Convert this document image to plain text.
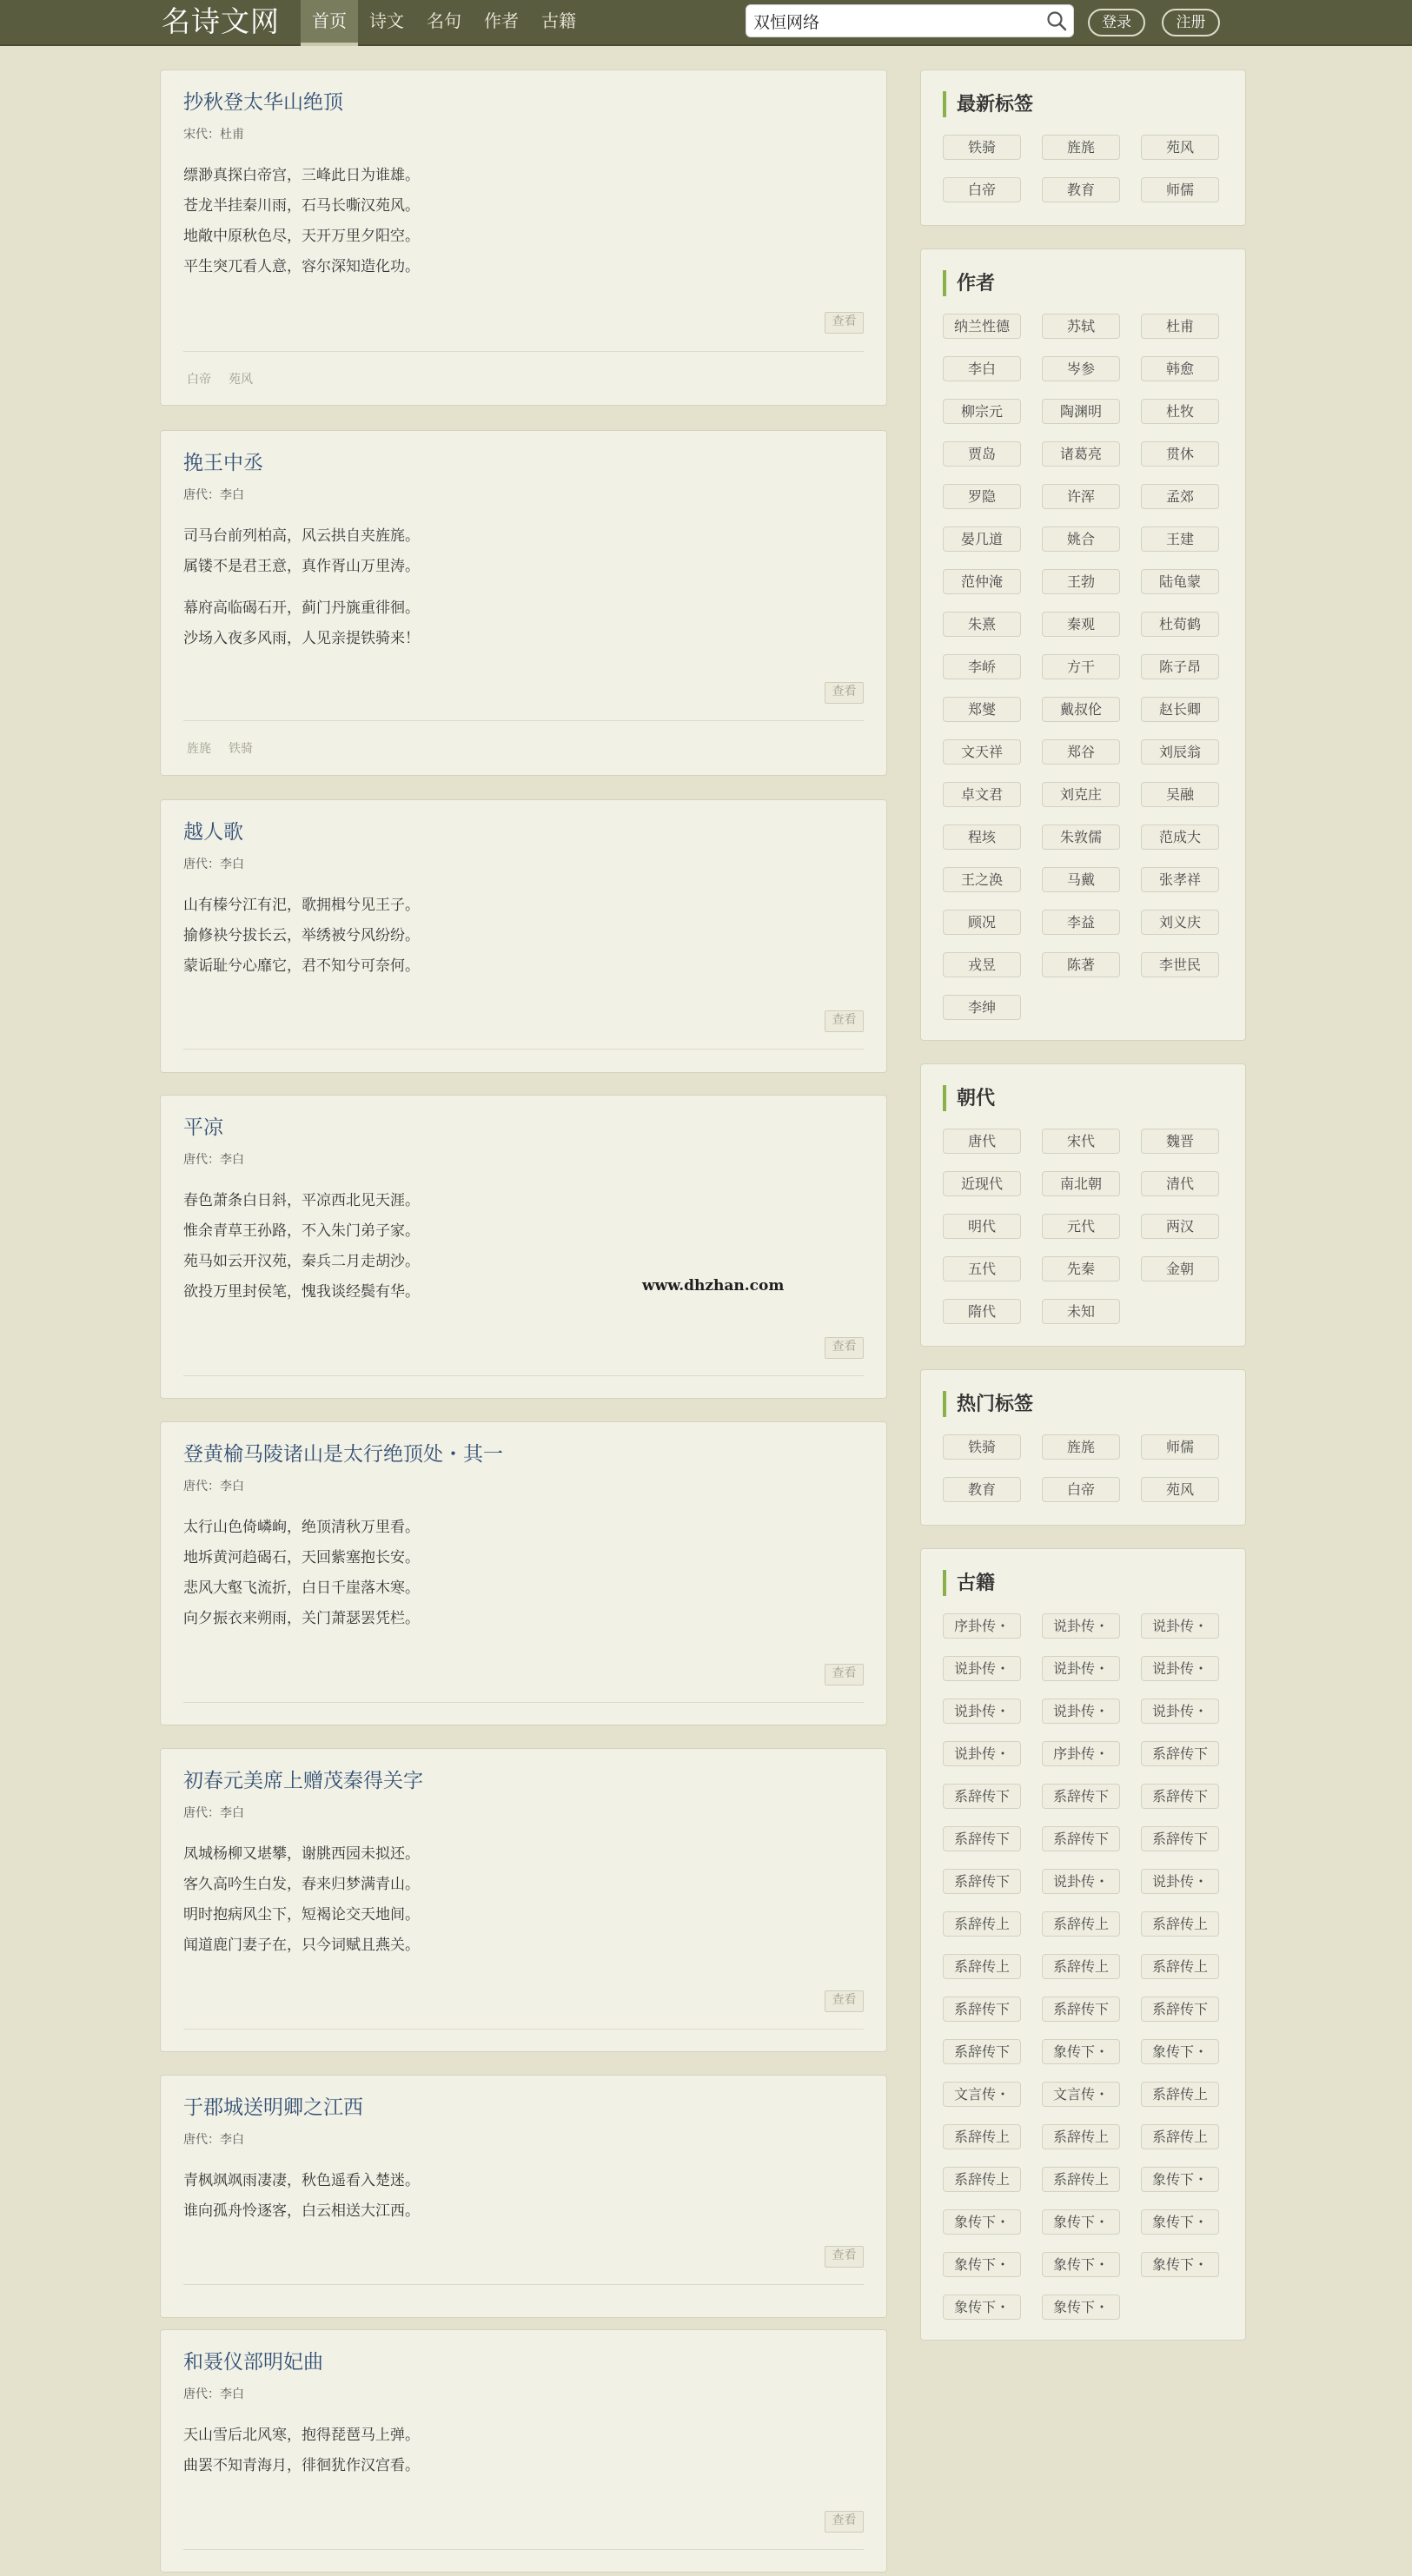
名诗文网	首页	诗文	名句	作者	古籍
双恒网络	登录	注册
抄秋登太华山绝顶
宋代：杜甫
缥渺真探白帝宫，三峰此日为谁雄。
苍龙半挂秦川雨，石马长嘶汉苑风。
地敞中原秋色尽，天开万里夕阳空。
平生突兀看人意，容尔深知造化功。
查看
白帝 苑风
挽王中丞
唐代：李白
司马台前列柏高，风云拱自夹旌旄。
属镂不是君王意，真作胥山万里涛。
幕府高临碣石开，蓟门丹旐重徘徊。
沙场入夜多风雨，人见亲提铁骑来！
查看
旌旄 铁骑
越人歌
唐代：李白
山有榛兮江有汜，歌拥楫兮见王子。
揄修袂兮拔长云，举绣被兮风纷纷。
蒙诟耻兮心靡它，君不知兮可奈何。
查看
平凉
唐代：李白
春色萧条白日斜，平凉西北见天涯。
惟余青草王孙路，不入朱门弟子家。
苑马如云开汉苑，秦兵二月走胡沙。
欲投万里封侯笔，愧我谈经鬓有华。
查看
登黄榆马陵诸山是太行绝顶处・其一
唐代：李白
太行山色倚嶙峋，绝顶清秋万里看。
地坼黄河趋碣石，天回紫塞抱长安。
悲风大壑飞流折，白日千崖落木寒。
向夕振衣来朔雨，关门萧瑟罢凭栏。
查看
初春元美席上赠茂秦得关字
唐代：李白
凤城杨柳又堪攀，谢朓西园未拟还。
客久高吟生白发，春来归梦满青山。
明时抱病风尘下，短褐论交天地间。
闻道鹿门妻子在，只今词赋且燕关。
查看
于郡城送明卿之江西
唐代：李白
青枫飒飒雨凄凄，秋色遥看入楚迷。
谁向孤舟怜逐客，白云相送大江西。
查看
和聂仪部明妃曲
唐代：李白
天山雪后北风寒，抱得琵琶马上弹。
曲罢不知青海月，徘徊犹作汉宫看。
查看
www.dhzhan.com
最新标签
铁骑	旌旄	苑风
白帝	教育	师儒
作者
纳兰性德	苏轼	杜甫
李白	岑参	韩愈
柳宗元	陶渊明	杜牧
贾岛	诸葛亮	贯休
罗隐	许浑	孟郊
晏几道	姚合	王建
范仲淹	王勃	陆龟蒙
朱熹	秦观	杜荀鹤
李峤	方干	陈子昂
郑燮	戴叔伦	赵长卿
文天祥	郑谷	刘辰翁
卓文君	刘克庄	吴融
程垓	朱敦儒	范成大
王之涣	马戴	张孝祥
顾况	李益	刘义庆
戎昱	陈著	李世民
李绅
朝代
唐代	宋代	魏晋
近现代	南北朝	清代
明代	元代	两汉
五代	先秦	金朝
隋代	未知
热门标签
铁骑	旌旄	师儒
教育	白帝	苑风
古籍
序卦传・	说卦传・	说卦传・
说卦传・	说卦传・	说卦传・
说卦传・	说卦传・	说卦传・
说卦传・	序卦传・	系辞传下
系辞传下	系辞传下	系辞传下
系辞传下	系辞传下	系辞传下
系辞传下	说卦传・	说卦传・
系辞传上	系辞传上	系辞传上
系辞传上	系辞传上	系辞传上
系辞传下	系辞传下	系辞传下
系辞传下	象传下・	象传下・
文言传・	文言传・	系辞传上
系辞传上	系辞传上	系辞传上
系辞传上	系辞传上	象传下・
象传下・	象传下・	象传下・
象传下・	象传下・	象传下・
象传下・	象传下・
